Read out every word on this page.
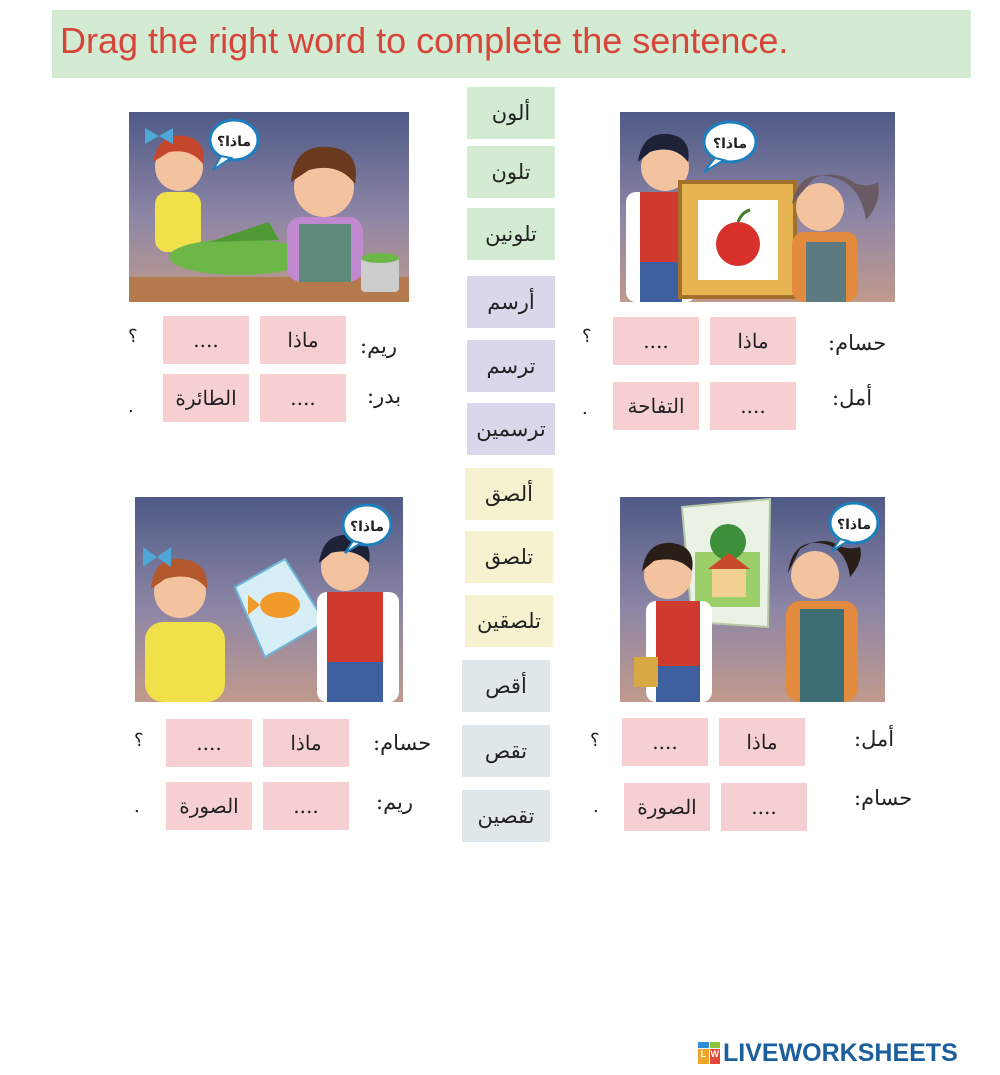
Drag the right word to complete the sentence.
ألون
تلون
تلونين
أرسم
ترسم
ترسمين
ألصق
تلصق
تلصقين
أقص
تقص
تقصين
ماذا؟	ماذا؟
ماذا؟	ماذا؟
ريم:
ماذا
....
؟
بدر:
....
الطائرة
.
حسام:
ماذا
....
؟
أمل:
....
التفاحة
.
حسام:
ماذا
....
؟
ريم:
....
الصورة
.
أمل:
ماذا
....
؟
حسام:
....
الصورة
.
L W LIVEWORKSHEETS
